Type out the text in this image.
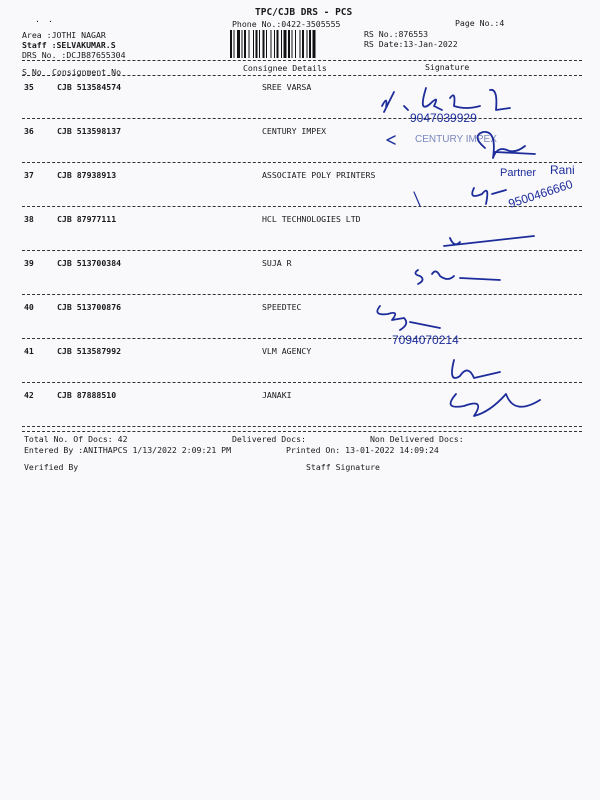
. .
TPC/CJB DRS - PCS
Phone No.:0422-3505555
Area :JOTHI NAGAR
Staff :SELVAKUMAR.S
DRS No. :DCJB87655304
RS No.:876553
RS Date:13-Jan-2022
Page No.:4
S No Consignment No	Consignee Details	Signature
35	CJB 513584574	SREE VARSA
36	CJB 513598137	CENTURY IMPEX
37	CJB 87938913	ASSOCIATE POLY PRINTERS
38	CJB 87977111	HCL TECHNOLOGIES LTD
39	CJB 513700384	SUJA R
40	CJB 513700876	SPEEDTEC
41	CJB 513587992	VLM AGENCY
42	CJB 87888510	JANAKI
9047039929
CENTURY IMPEX
Partner Rani
9500466660
7094070214
Total No. Of Docs: 42	Delivered Docs:	Non Delivered Docs:
Entered By :ANITHAPCS 1/13/2022 2:09:21 PM	Printed On: 13-01-2022 14:09:24
Verified By	Staff Signature
